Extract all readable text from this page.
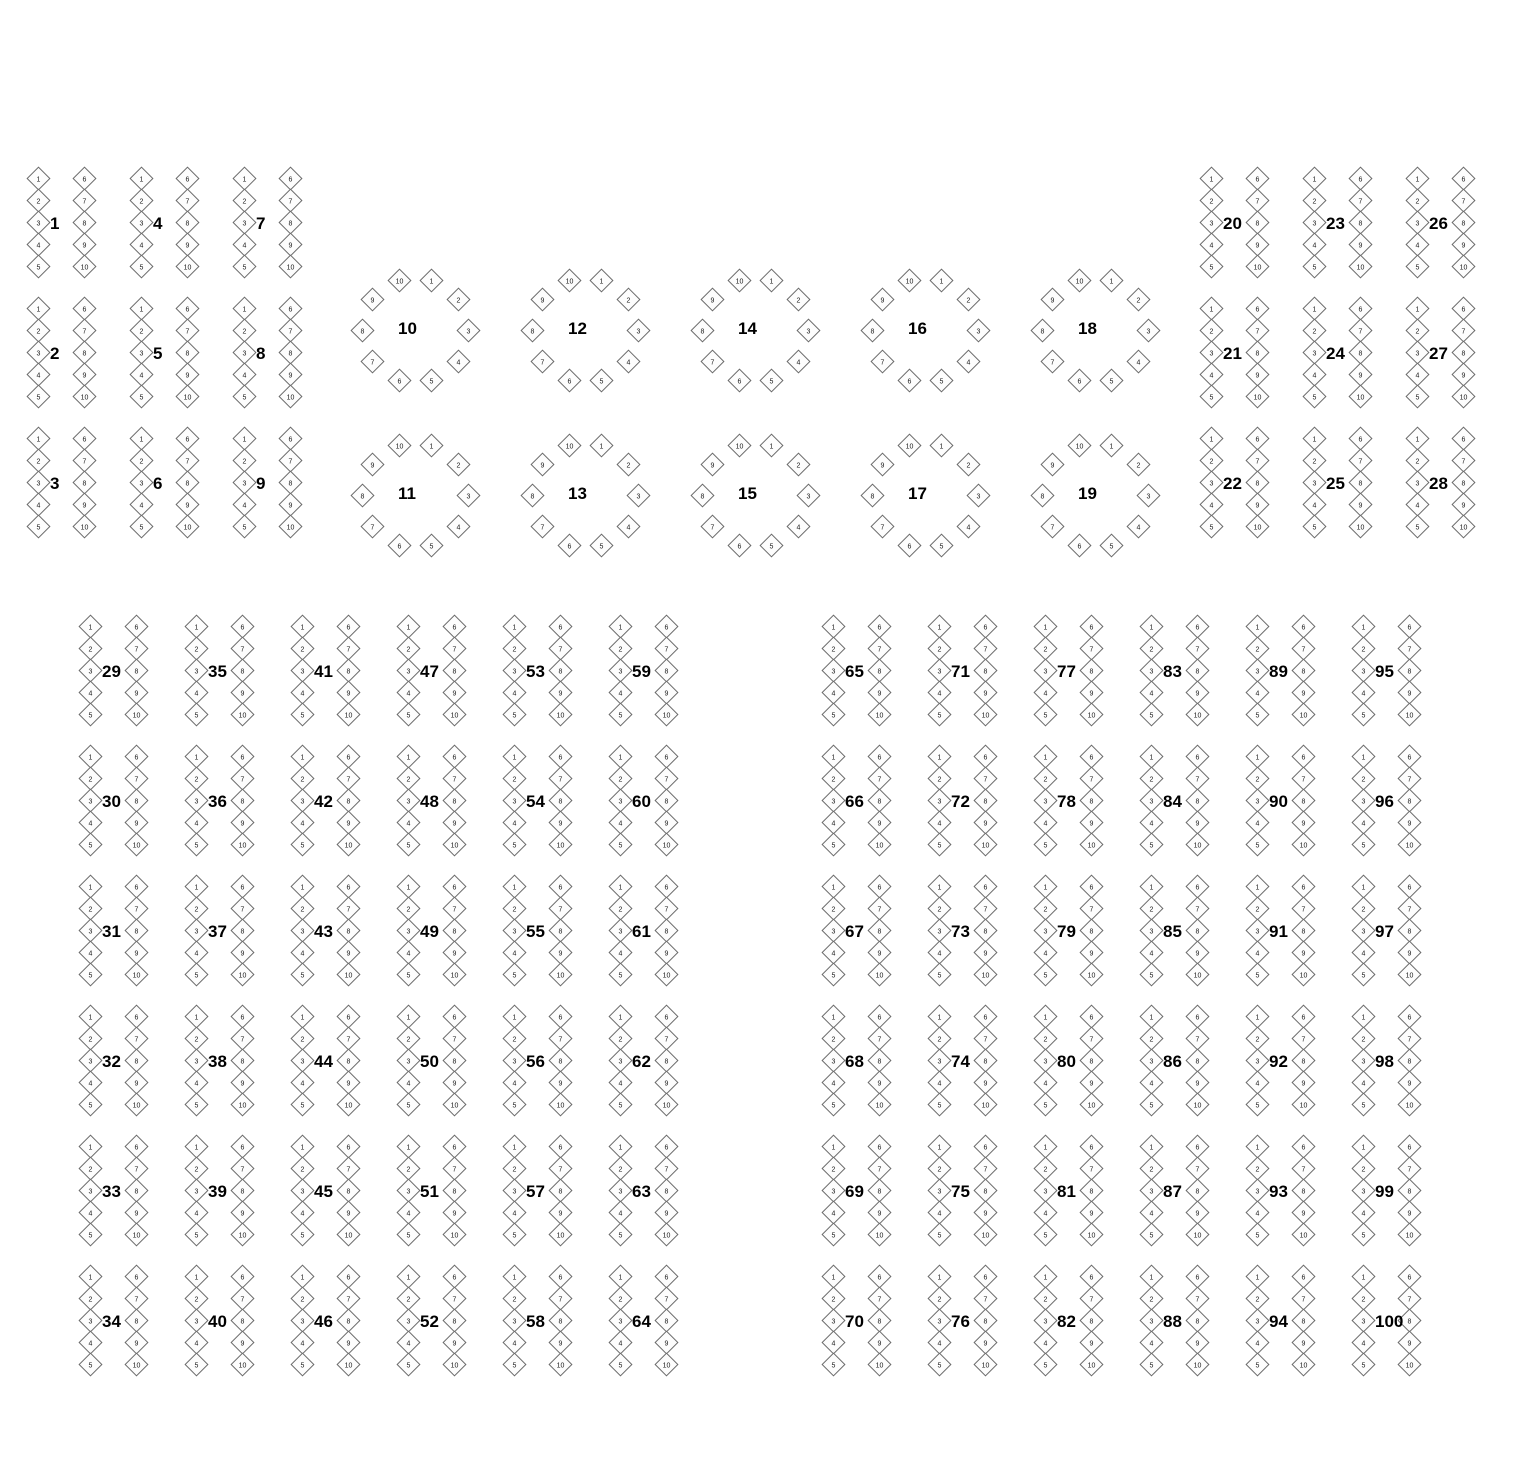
1
2
3
4
5
6
7
8
9
10
1
1
2
3
4
5
6
7
8
9
10
2
1
2
3
4
5
6
7
8
9
10
3
1
2
3
4
5
6
7
8
9
10
4
1
2
3
4
5
6
7
8
9
10
5
1
2
3
4
5
6
7
8
9
10
6
1
2
3
4
5
6
7
8
9
10
7
1
2
3
4
5
6
7
8
9
10
8
1
2
3
4
5
6
7
8
9
10
9
1
2
3
4
5
6
7
8
9
10
10
1
2
3
4
5
6
7
8
9
10
11
1
2
3
4
5
6
7
8
9
10
12
1
2
3
4
5
6
7
8
9
10
13
1
2
3
4
5
6
7
8
9
10
14
1
2
3
4
5
6
7
8
9
10
15
1
2
3
4
5
6
7
8
9
10
16
1
2
3
4
5
6
7
8
9
10
17
1
2
3
4
5
6
7
8
9
10
18
1
2
3
4
5
6
7
8
9
10
19
1
2
3
4
5
6
7
8
9
10
20
1
2
3
4
5
6
7
8
9
10
21
1
2
3
4
5
6
7
8
9
10
22
1
2
3
4
5
6
7
8
9
10
23
1
2
3
4
5
6
7
8
9
10
24
1
2
3
4
5
6
7
8
9
10
25
1
2
3
4
5
6
7
8
9
10
26
1
2
3
4
5
6
7
8
9
10
27
1
2
3
4
5
6
7
8
9
10
28
1
2
3
4
5
6
7
8
9
10
29
1
2
3
4
5
6
7
8
9
10
30
1
2
3
4
5
6
7
8
9
10
31
1
2
3
4
5
6
7
8
9
10
32
1
2
3
4
5
6
7
8
9
10
33
1
2
3
4
5
6
7
8
9
10
34
1
2
3
4
5
6
7
8
9
10
35
1
2
3
4
5
6
7
8
9
10
36
1
2
3
4
5
6
7
8
9
10
37
1
2
3
4
5
6
7
8
9
10
38
1
2
3
4
5
6
7
8
9
10
39
1
2
3
4
5
6
7
8
9
10
40
1
2
3
4
5
6
7
8
9
10
41
1
2
3
4
5
6
7
8
9
10
42
1
2
3
4
5
6
7
8
9
10
43
1
2
3
4
5
6
7
8
9
10
44
1
2
3
4
5
6
7
8
9
10
45
1
2
3
4
5
6
7
8
9
10
46
1
2
3
4
5
6
7
8
9
10
47
1
2
3
4
5
6
7
8
9
10
48
1
2
3
4
5
6
7
8
9
10
49
1
2
3
4
5
6
7
8
9
10
50
1
2
3
4
5
6
7
8
9
10
51
1
2
3
4
5
6
7
8
9
10
52
1
2
3
4
5
6
7
8
9
10
53
1
2
3
4
5
6
7
8
9
10
54
1
2
3
4
5
6
7
8
9
10
55
1
2
3
4
5
6
7
8
9
10
56
1
2
3
4
5
6
7
8
9
10
57
1
2
3
4
5
6
7
8
9
10
58
1
2
3
4
5
6
7
8
9
10
59
1
2
3
4
5
6
7
8
9
10
60
1
2
3
4
5
6
7
8
9
10
61
1
2
3
4
5
6
7
8
9
10
62
1
2
3
4
5
6
7
8
9
10
63
1
2
3
4
5
6
7
8
9
10
64
1
2
3
4
5
6
7
8
9
10
65
1
2
3
4
5
6
7
8
9
10
66
1
2
3
4
5
6
7
8
9
10
67
1
2
3
4
5
6
7
8
9
10
68
1
2
3
4
5
6
7
8
9
10
69
1
2
3
4
5
6
7
8
9
10
70
1
2
3
4
5
6
7
8
9
10
71
1
2
3
4
5
6
7
8
9
10
72
1
2
3
4
5
6
7
8
9
10
73
1
2
3
4
5
6
7
8
9
10
74
1
2
3
4
5
6
7
8
9
10
75
1
2
3
4
5
6
7
8
9
10
76
1
2
3
4
5
6
7
8
9
10
77
1
2
3
4
5
6
7
8
9
10
78
1
2
3
4
5
6
7
8
9
10
79
1
2
3
4
5
6
7
8
9
10
80
1
2
3
4
5
6
7
8
9
10
81
1
2
3
4
5
6
7
8
9
10
82
1
2
3
4
5
6
7
8
9
10
83
1
2
3
4
5
6
7
8
9
10
84
1
2
3
4
5
6
7
8
9
10
85
1
2
3
4
5
6
7
8
9
10
86
1
2
3
4
5
6
7
8
9
10
87
1
2
3
4
5
6
7
8
9
10
88
1
2
3
4
5
6
7
8
9
10
89
1
2
3
4
5
6
7
8
9
10
90
1
2
3
4
5
6
7
8
9
10
91
1
2
3
4
5
6
7
8
9
10
92
1
2
3
4
5
6
7
8
9
10
93
1
2
3
4
5
6
7
8
9
10
94
1
2
3
4
5
6
7
8
9
10
95
1
2
3
4
5
6
7
8
9
10
96
1
2
3
4
5
6
7
8
9
10
97
1
2
3
4
5
6
7
8
9
10
98
1
2
3
4
5
6
7
8
9
10
99
1
2
3
4
5
6
7
8
9
10
100
